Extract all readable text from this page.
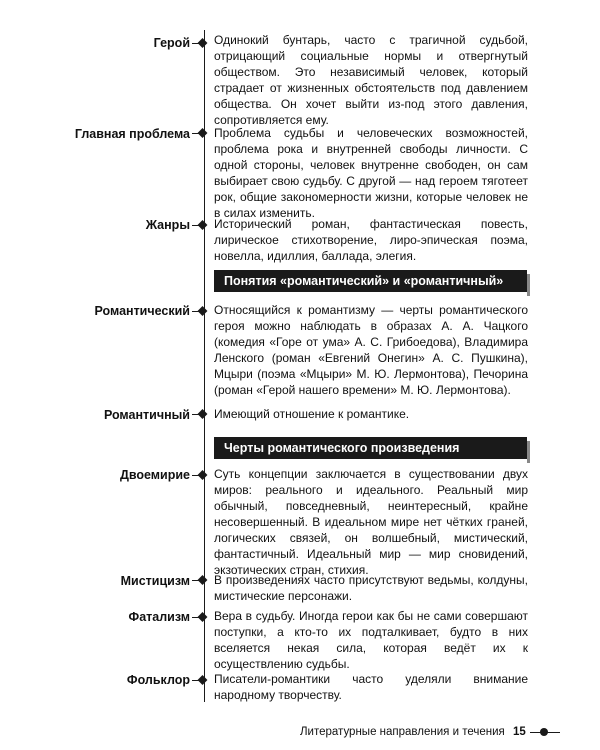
Герой Одинокий бунтарь, часто с трагичной судьбой, отрицающий социальные нормы и отвергнутый обществом. Это независимый человек, который страдает от жизненных обстоятельств под давлением общества. Он хочет выйти из-под этого давления, сопротивляется ему.
Главная проблема Проблема судьбы и человеческих возможностей, проблема рока и внутренней свободы личности. С одной стороны, человек внутренне свободен, он сам выбирает свою судьбу. С другой — над героем тяготеет рок, общие закономерности жизни, которые человек не в силах изменить.
Жанры Исторический роман, фантастическая повесть, лирическое стихотворение, лиро-эпическая поэма, новелла, идиллия, баллада, элегия.
Понятия «романтический» и «романтичный»
Романтический Относящийся к романтизму — черты романтического героя можно наблюдать в образах А. А. Чацкого (комедия «Горе от ума» А. С. Грибоедова), Владимира Ленского (роман «Евгений Онегин» А. С. Пушкина), Мцыри (поэма «Мцыри» М. Ю. Лермонтова), Печорина (роман «Герой нашего времени» М. Ю. Лермонтова).
Романтичный Имеющий отношение к романтике.
Черты романтического произведения
Двоемирие Суть концепции заключается в существовании двух миров: реального и идеального. Реальный мир обычный, повседневный, неинтересный, крайне несовершенный. В идеальном мире нет чётких граней, логических связей, он волшебный, мистический, фантастичный. Идеальный мир — мир сновидений, экзотических стран, стихия.
Мистицизм В произведениях часто присутствуют ведьмы, колдуны, мистические персонажи.
Фатализм Вера в судьбу. Иногда герои как бы не сами совершают поступки, а кто-то их подталкивает, будто в них вселяется некая сила, которая ведёт их к осуществлению судьбы.
Фольклор Писатели-романтики часто уделяли внимание народному творчеству.
Литературные направления и течения 15
